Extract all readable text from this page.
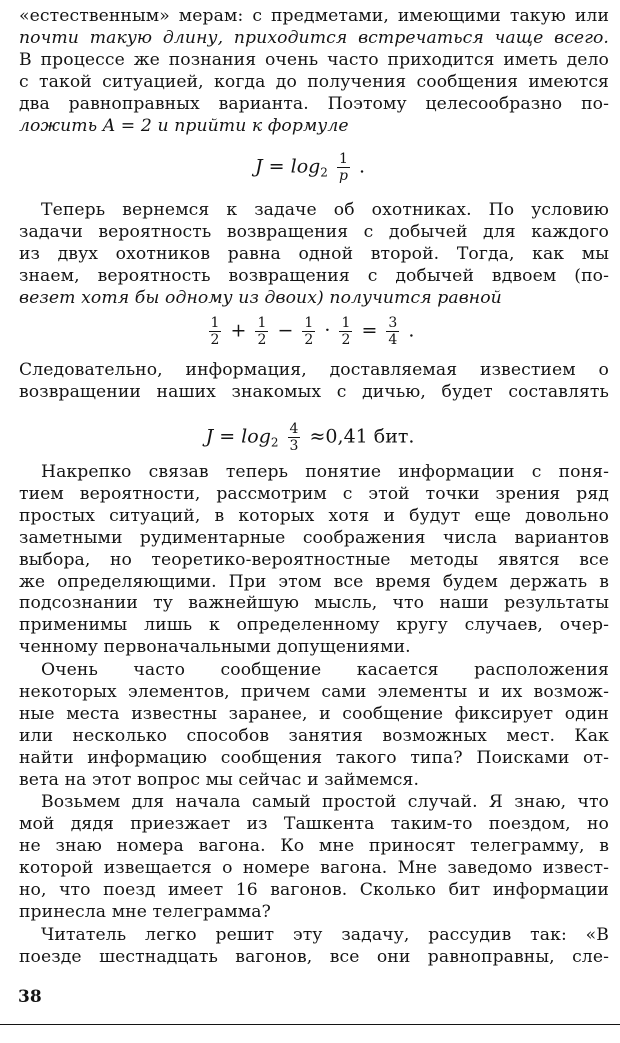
«естественным» мерам: с предметами, имеющими такую или
почти такую длину, приходится встречаться чаще всего.
В процессе же познания очень часто приходится иметь дело
с такой ситуацией, когда до получения сообщения имеются
два равноправных варианта. Поэтому целесообразно по-
ложить A = 2 и прийти к формуле
$J = \log_2 \frac{1}{p}$ .
Теперь вернемся к задаче об охотниках. По условию
задачи вероятность возвращения с добычей для каждого
из двух охотников равна одной второй. Тогда, как мы
знаем, вероятность возвращения с добычей вдвоем (по-
везет хотя бы одному из двоих) получится равной
$\frac{1}{2} + \frac{1}{2} - \frac{1}{2} \cdot \frac{1}{2} = \frac{3}{4}$ .
Следовательно, информация, доставляемая известием о
возвращении наших знакомых с дичью, будет составлять
$J = \log_2 \frac{4}{3} \approx 0,41$ бит.
Накрепко связав теперь понятие информации с поня-
тием вероятности, рассмотрим с этой точки зрения ряд
простых ситуаций, в которых хотя и будут еще довольно
заметными рудиментарные соображения числа вариантов
выбора, но теоретико-вероятностные методы явятся все
же определяющими. При этом все время будем держать в
подсознании ту важнейшую мысль, что наши результаты
применимы лишь к определенному кругу случаев, очер-
ченному первоначальными допущениями.
Очень часто сообщение касается расположения
некоторых элементов, причем сами элементы и их возмож-
ные места известны заранее, и сообщение фиксирует один
или несколько способов занятия возможных мест. Как
найти информацию сообщения такого типа? Поисками от-
вета на этот вопрос мы сейчас и займемся.
Возьмем для начала самый простой случай. Я знаю, что
мой дядя приезжает из Ташкента таким-то поездом, но
не знаю номера вагона. Ко мне приносят телеграмму, в
которой извещается о номере вагона. Мне заведомо извест-
но, что поезд имеет 16 вагонов. Сколько бит информации
принесла мне телеграмма?
Читатель легко решит эту задачу, рассудив так: «В
поезде шестнадцать вагонов, все они равноправны, сле-
38
